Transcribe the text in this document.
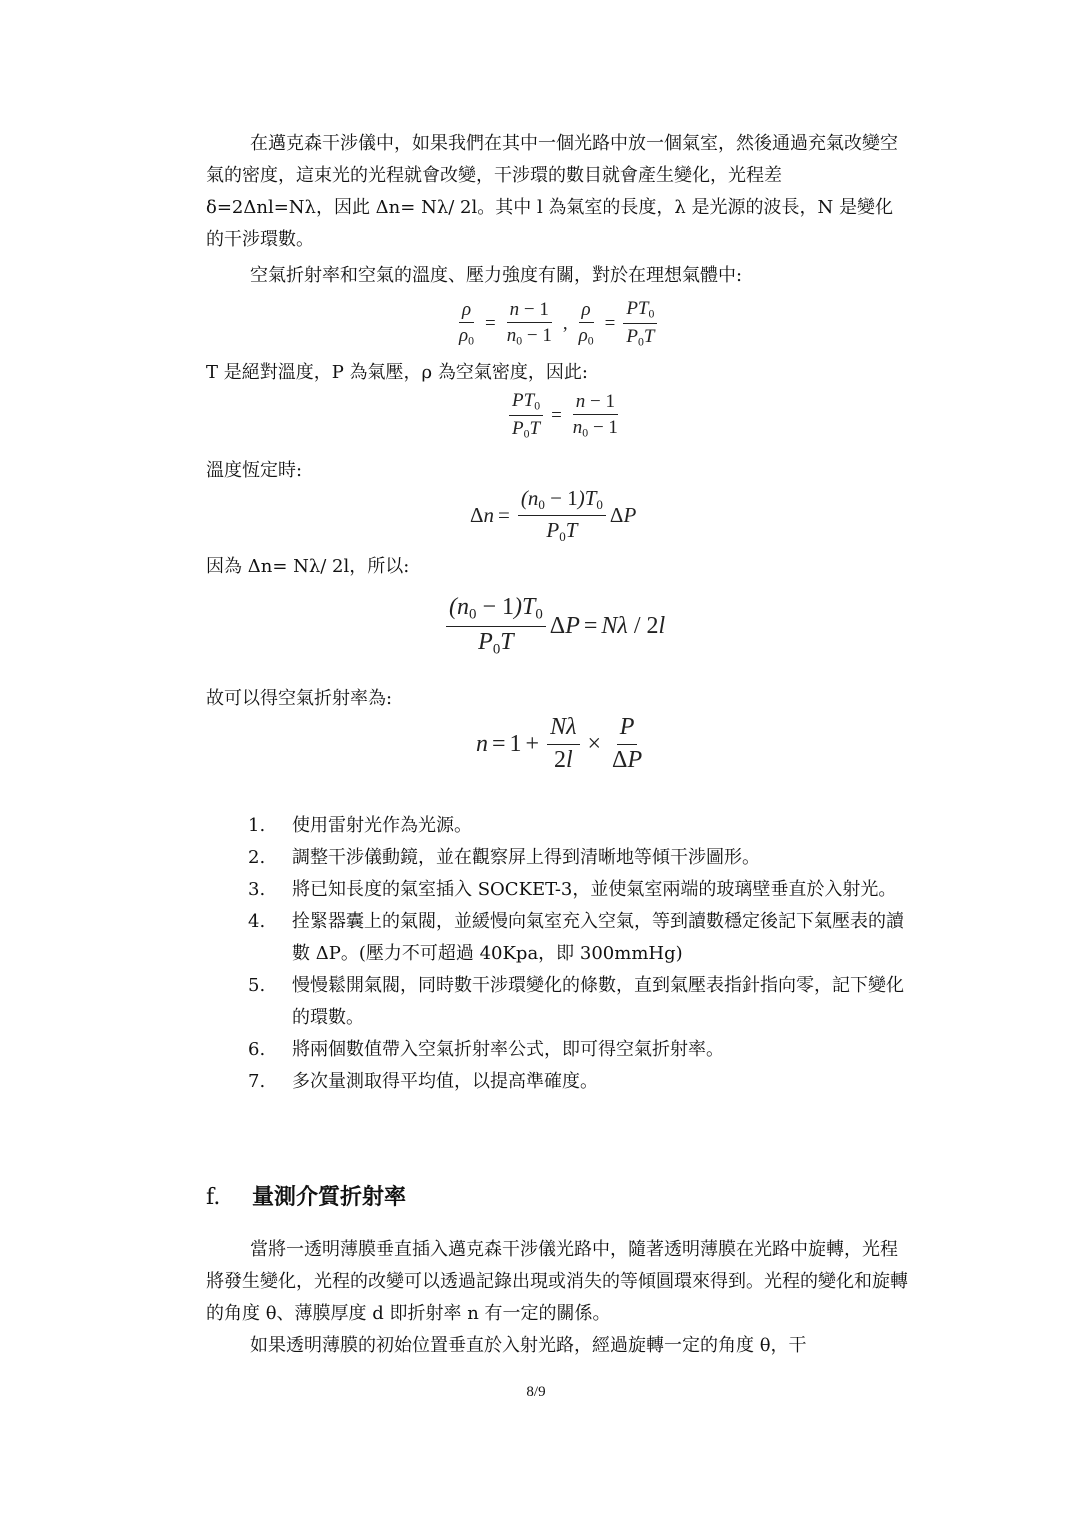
在邁克森干涉儀中，如果我們在其中一個光路中放一個氣室，然後通過充氣改變空氣的密度，這束光的光程就會改變，干涉環的數目就會產生變化，光程差 δ=2Δnl=Nλ，因此 Δn= Nλ/ 2l。其中 l 為氣室的長度，λ 是光源的波長，N 是變化的干涉環數。

空氣折射率和空氣的溫度、壓力強度有關，對於在理想氣體中:

$\frac{\rho}{\rho_0} = \frac{n - 1}{n_0 - 1}$ , $\frac{\rho}{\rho_0} = \frac{PT_0}{P_0T}$

T 是絕對溫度，P 為氣壓，ρ 為空氣密度，因此:

$\frac{PT_0}{P_0T} = \frac{n - 1}{n_0 - 1}$

溫度恆定時:

$\Delta n = \frac{(n_0 - 1)T_0}{P_0T}$ ΔP

因為 Δn= Nλ/ 2l，所以:

$\frac{(n_0 - 1)T_0}{P_0T}$ ΔP = Nλ / 2l

故可以得空氣折射率為:

$n = 1 + \frac{N\lambda}{2l} \times \frac{P}{\Delta P}$
1.	使用雷射光作為光源。
2.	調整干涉儀動鏡，並在觀察屏上得到清晰地等傾干涉圖形。
3.	將已知長度的氣室插入 SOCKET-3，並使氣室兩端的玻璃壁垂直於入射光。
4.	拴緊器囊上的氣閥，並緩慢向氣室充入空氣，等到讀數穩定後記下氣壓表的讀數 ΔP。(壓力不可超過 40Kpa，即 300mmHg)
5.	慢慢鬆開氣閥，同時數干涉環變化的條數，直到氣壓表指針指向零，記下變化的環數。
6.	將兩個數值帶入空氣折射率公式，即可得空氣折射率。
7.	多次量測取得平均值，以提高準確度。
f. 量測介質折射率

當將一透明薄膜垂直插入邁克森干涉儀光路中，隨著透明薄膜在光路中旋轉，光程將發生變化，光程的改變可以透過記錄出現或消失的等傾圓環來得到。光程的變化和旋轉的角度 θ、薄膜厚度 d 即折射率 n 有一定的關係。

如果透明薄膜的初始位置垂直於入射光路，經過旋轉一定的角度 θ，干

8/9
